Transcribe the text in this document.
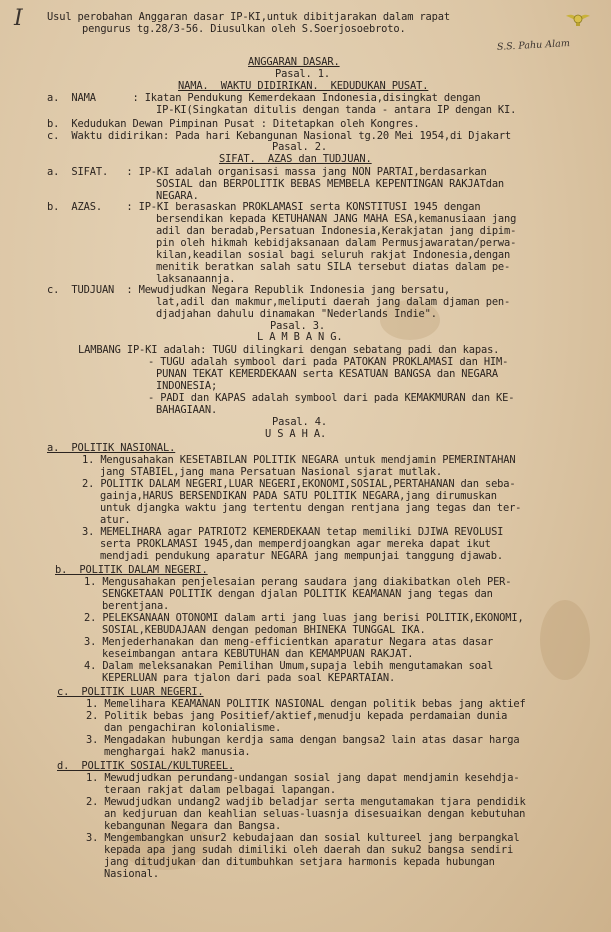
I
S.S. Pahu Alam
Usul perobahan Anggaran dasar IP-KI,untuk dibitjarakan dalam rapat
pengurus tg.28/3-56. Diusulkan oleh S.Soerjosoebroto.
ANGGARAN DASAR.
Pasal. 1.
NAMA.  WAKTU DIDIRIKAN.  KEDUDUKAN PUSAT.
a.  NAMA      : Ikatan Pendukung Kemerdekaan Indonesia,disingkat dengan
IP-KI(Singkatan ditulis dengan tanda - antara IP dengan KI.
b.  Kedudukan Dewan Pimpinan Pusat : Ditetapkan oleh Kongres.
c.  Waktu didirikan: Pada hari Kebangunan Nasional tg.20 Mei 1954,di Djakart
Pasal. 2.
SIFAT.  AZAS dan TUDJUAN.
a.  SIFAT.   : IP-KI adalah organisasi massa jang NON PARTAI,berdasarkan
SOSIAL dan BERPOLITIK BEBAS MEMBELA KEPENTINGAN RAKJATdan
NEGARA.
b.  AZAS.    : IP-KI berasaskan PROKLAMASI serta KONSTITUSI 1945 dengan
bersendikan kepada KETUHANAN JANG MAHA ESA,kemanusiaan jang
adil dan beradab,Persatuan Indonesia,Kerakjatan jang dipim-
pin oleh hikmah kebidjaksanaan dalam Permusjawaratan/perwa-
kilan,keadilan sosial bagi seluruh rakjat Indonesia,dengan
menitik beratkan salah satu SILA tersebut diatas dalam pe-
laksanaannja.
c.  TUDJUAN  : Mewudjudkan Negara Republik Indonesia jang bersatu,
lat,adil dan makmur,meliputi daerah jang dalam djaman pen-
djadjahan dahulu dinamakan "Nederlands Indie".
Pasal. 3.
L A M B A N G.
LAMBANG IP-KI adalah: TUGU dilingkari dengan sebatang padi dan kapas.
- TUGU adalah symbool dari pada PATOKAN PROKLAMASI dan HIM-
PUNAN TEKAT KEMERDEKAAN serta KESATUAN BANGSA dan NEGARA
INDONESIA;
- PADI dan KAPAS adalah symbool dari pada KEMAKMURAN dan KE-
BAHAGIAAN.
Pasal. 4.
U S A H A.
a.  POLITIK NASIONAL.
1. Mengusahakan KESETABILAN POLITIK NEGARA untuk mendjamin PEMERINTAHAN
jang STABIEL,jang mana Persatuan Nasional sjarat mutlak.
2. POLITIK DALAM NEGERI,LUAR NEGERI,EKONOMI,SOSIAL,PERTAHANAN dan seba-
gainja,HARUS BERSENDIKAN PADA SATU POLITIK NEGARA,jang dirumuskan
untuk djangka waktu jang tertentu dengan rentjana jang tegas dan ter-
atur.
3. MEMELIHARA agar PATRIOT2 KEMERDEKAAN tetap memiliki DJIWA REVOLUSI
serta PROKLAMASI 1945,dan memperdjoangkan agar mereka dapat ikut
mendjadi pendukung aparatur NEGARA jang mempunjai tanggung djawab.
b.  POLITIK DALAM NEGERI.
1. Mengusahakan penjelesaian perang saudara jang diakibatkan oleh PER-
SENGKETAAN POLITIK dengan djalan POLITIK KEAMANAN jang tegas dan
berentjana.
2. PELEKSANAAN OTONOMI dalam arti jang luas jang berisi POLITIK,EKONOMI,
SOSIAL,KEBUDAJAAN dengan pedoman BHINEKA TUNGGAL IKA.
3. Menjederhanakan dan meng-efficientkan aparatur Negara atas dasar
keseimbangan antara KEBUTUHAN dan KEMAMPUAN RAKJAT.
4. Dalam meleksanakan Pemilihan Umum,supaja lebih mengutamakan soal
KEPERLUAN para tjalon dari pada soal KEPARTAIAN.
c.  POLITIK LUAR NEGERI.
1. Memelihara KEAMANAN POLITIK NASIONAL dengan politik bebas jang aktief
2. Politik bebas jang Positief/aktief,menudju kepada perdamaian dunia
dan pengachiran kolonialisme.
3. Mengadakan hubungan kerdja sama dengan bangsa2 lain atas dasar harga
menghargai hak2 manusia.
d.  POLITIK SOSIAL/KULTUREEL.
1. Mewudjudkan perundang-undangan sosial jang dapat mendjamin kesehdja-
teraan rakjat dalam pelbagai lapangan.
2. Mewudjudkan undang2 wadjib beladjar serta mengutamakan tjara pendidik
an kedjuruan dan keahlian seluas-luasnja disesuaikan dengan kebutuhan
kebangunan Negara dan Bangsa.
3. Mengembangkan unsur2 kebudajaan dan sosial kultureel jang berpangkal
kepada apa jang sudah dimiliki oleh daerah dan suku2 bangsa sendiri
jang ditudjukan dan ditumbuhkan setjara harmonis kepada hubungan
Nasional.
